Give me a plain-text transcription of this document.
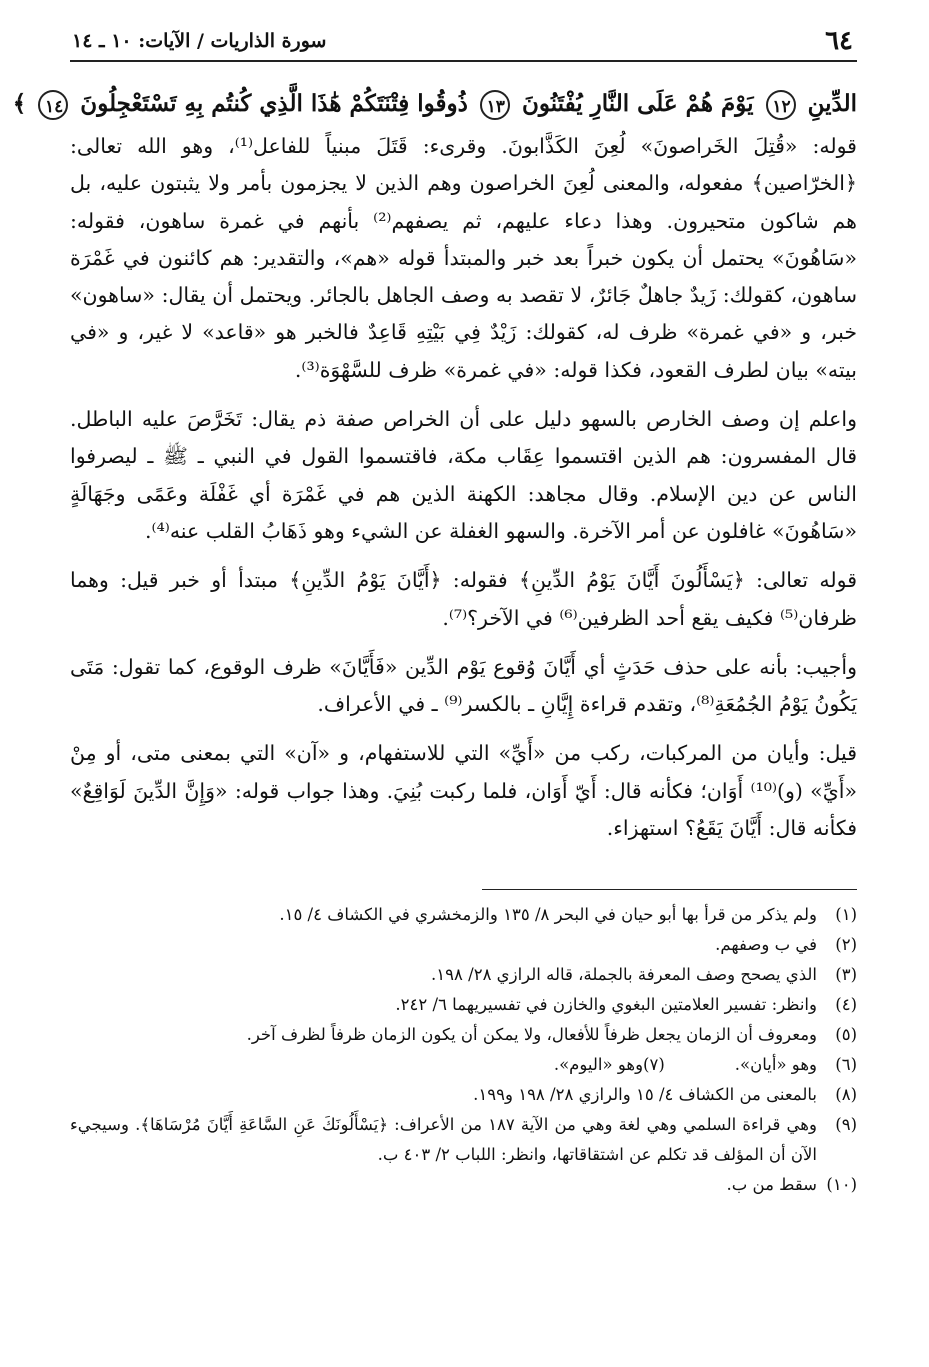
٦٤
سورة الذاريات / الآيات: ١٠ ـ ١٤
الدِّينِ ١٢ يَوْمَ هُمْ عَلَى النَّارِ يُفْتَنُونَ ١٣ ذُوقُوا فِتْنَتَكُمْ هَٰذَا الَّذِي كُنتُم بِهِ تَسْتَعْجِلُونَ ١٤ ﴾

قوله: «قُتِلَ الخَراصونَ» لُعِنَ الكَذَّابونَ. وقرىء: قَتَلَ مبنياً للفاعل⁽¹⁾، وهو الله تعالى: ﴿الخرّاصين﴾ مفعوله، والمعنى لُعِنَ الخراصون وهم الذين لا يجزمون بأمر ولا يثبتون عليه، بل هم شاكون متحيرون. وهذا دعاء عليهم، ثم يصفهم⁽²⁾ بأنهم في غمرة ساهون، فقوله: «سَاهُونَ» يحتمل أن يكون خبراً بعد خبر والمبتدأ قوله «هم»، والتقدير: هم كائنون في غَمْرَة ساهون، كقولك: زَيدٌ جاهلٌ جَائرٌ، لا تقصد به وصف الجاهل بالجائر. ويحتمل أن يقال: «ساهون» خبر، و «في غمرة» ظرف له، كقولك: زَيْدٌ فِي بَيْتِهِ قَاعِدٌ فالخبر هو «قاعد» لا غير، و «في بيته» بيان لطرف القعود، فكذا قوله: «في غمرة» ظرف للسَّهْوَة⁽³⁾.

واعلم إن وصف الخارص بالسهو دليل على أن الخراص صفة ذم يقال: تَخَرَّصَ عليه الباطل. قال المفسرون: هم الذين اقتسموا عِقَاب مكة، فاقتسموا القول في النبي ـ ﷺ ـ ليصرفوا الناس عن دين الإسلام. وقال مجاهد: الكهنة الذين هم في غَمْرَة أي غَفْلَة وعَمًى وجَهَالَةٍ «سَاهُونَ» غافلون عن أمر الآخرة. والسهو الغفلة عن الشيء وهو ذَهَابُ القلب عنه⁽⁴⁾.

قوله تعالى: ﴿يَسْأَلُونَ أَيَّانَ يَوْمُ الدِّينِ﴾ فقوله: ﴿أَيَّانَ يَوْمُ الدِّينِ﴾ مبتدأ أو خبر قيل: وهما ظرفان⁽⁵⁾ فكيف يقع أحد الظرفين⁽⁶⁾ في الآخر؟⁽⁷⁾.

وأجيب: بأنه على حذف حَدَثٍ أي أَيَّانَ وُقوع يَوْم الدِّين «فَأَيَّانَ» ظرف الوقوع، كما تقول: مَتَى يَكُونُ يَوْمُ الجُمُعَةِ⁽⁸⁾، وتقدم قراءة إِيَّانِ ـ بالكسر⁽⁹⁾ ـ في الأعراف.

قيل: وأيان من المركبات، ركب من «أَيِّ» التي للاستفهام، و «آن» التي بمعنى متى، أو مِنْ «أَيِّ» (و)⁽¹⁰⁾ أَوَان؛ فكأنه قال: أَيّ أَوَان، فلما ركبت بُنِيَ. وهذا جواب قوله: «وَإِنَّ الدِّينَ لَوَاقِعٌ» فكأنه قال: أَيَّانَ يَقَعُ؟ استهزاء.

(١)
ولم يذكر من قرأ بها أبو حيان في البحر ٨/ ١٣٥ والزمخشري في الكشاف ٤/ ١٥.
(٢)
في ب وصفهم.
(٣)
الذي يصحح وصف المعرفة بالجملة، قاله الرازي ٢٨/ ١٩٨.
(٤)
وانظر: تفسير العلامتين البغوي والخازن في تفسيريهما ٦/ ٢٤٢.
(٥)
ومعروف أن الزمان يجعل ظرفاً للأفعال، ولا يمكن أن يكون الزمان ظرفاً لظرف آخر.
(٦)
وهو «أيان».
(٧)
وهو «اليوم».
(٨)
بالمعنى من الكشاف ٤/ ١٥ والرازي ٢٨/ ١٩٨ و١٩٩.
(٩)
وهي قراءة السلمي وهي لغة وهي من الآية ١٨٧ من الأعراف: ﴿يَسْأَلُونَكَ عَنِ السَّاعَةِ أَيَّانَ مُرْسَاهَا﴾. وسيجيء الآن أن المؤلف قد تكلم عن اشتقاقاتها، وانظر: اللباب ٢/ ٤٠٣ ب.
(١٠)
سقط من ب.
